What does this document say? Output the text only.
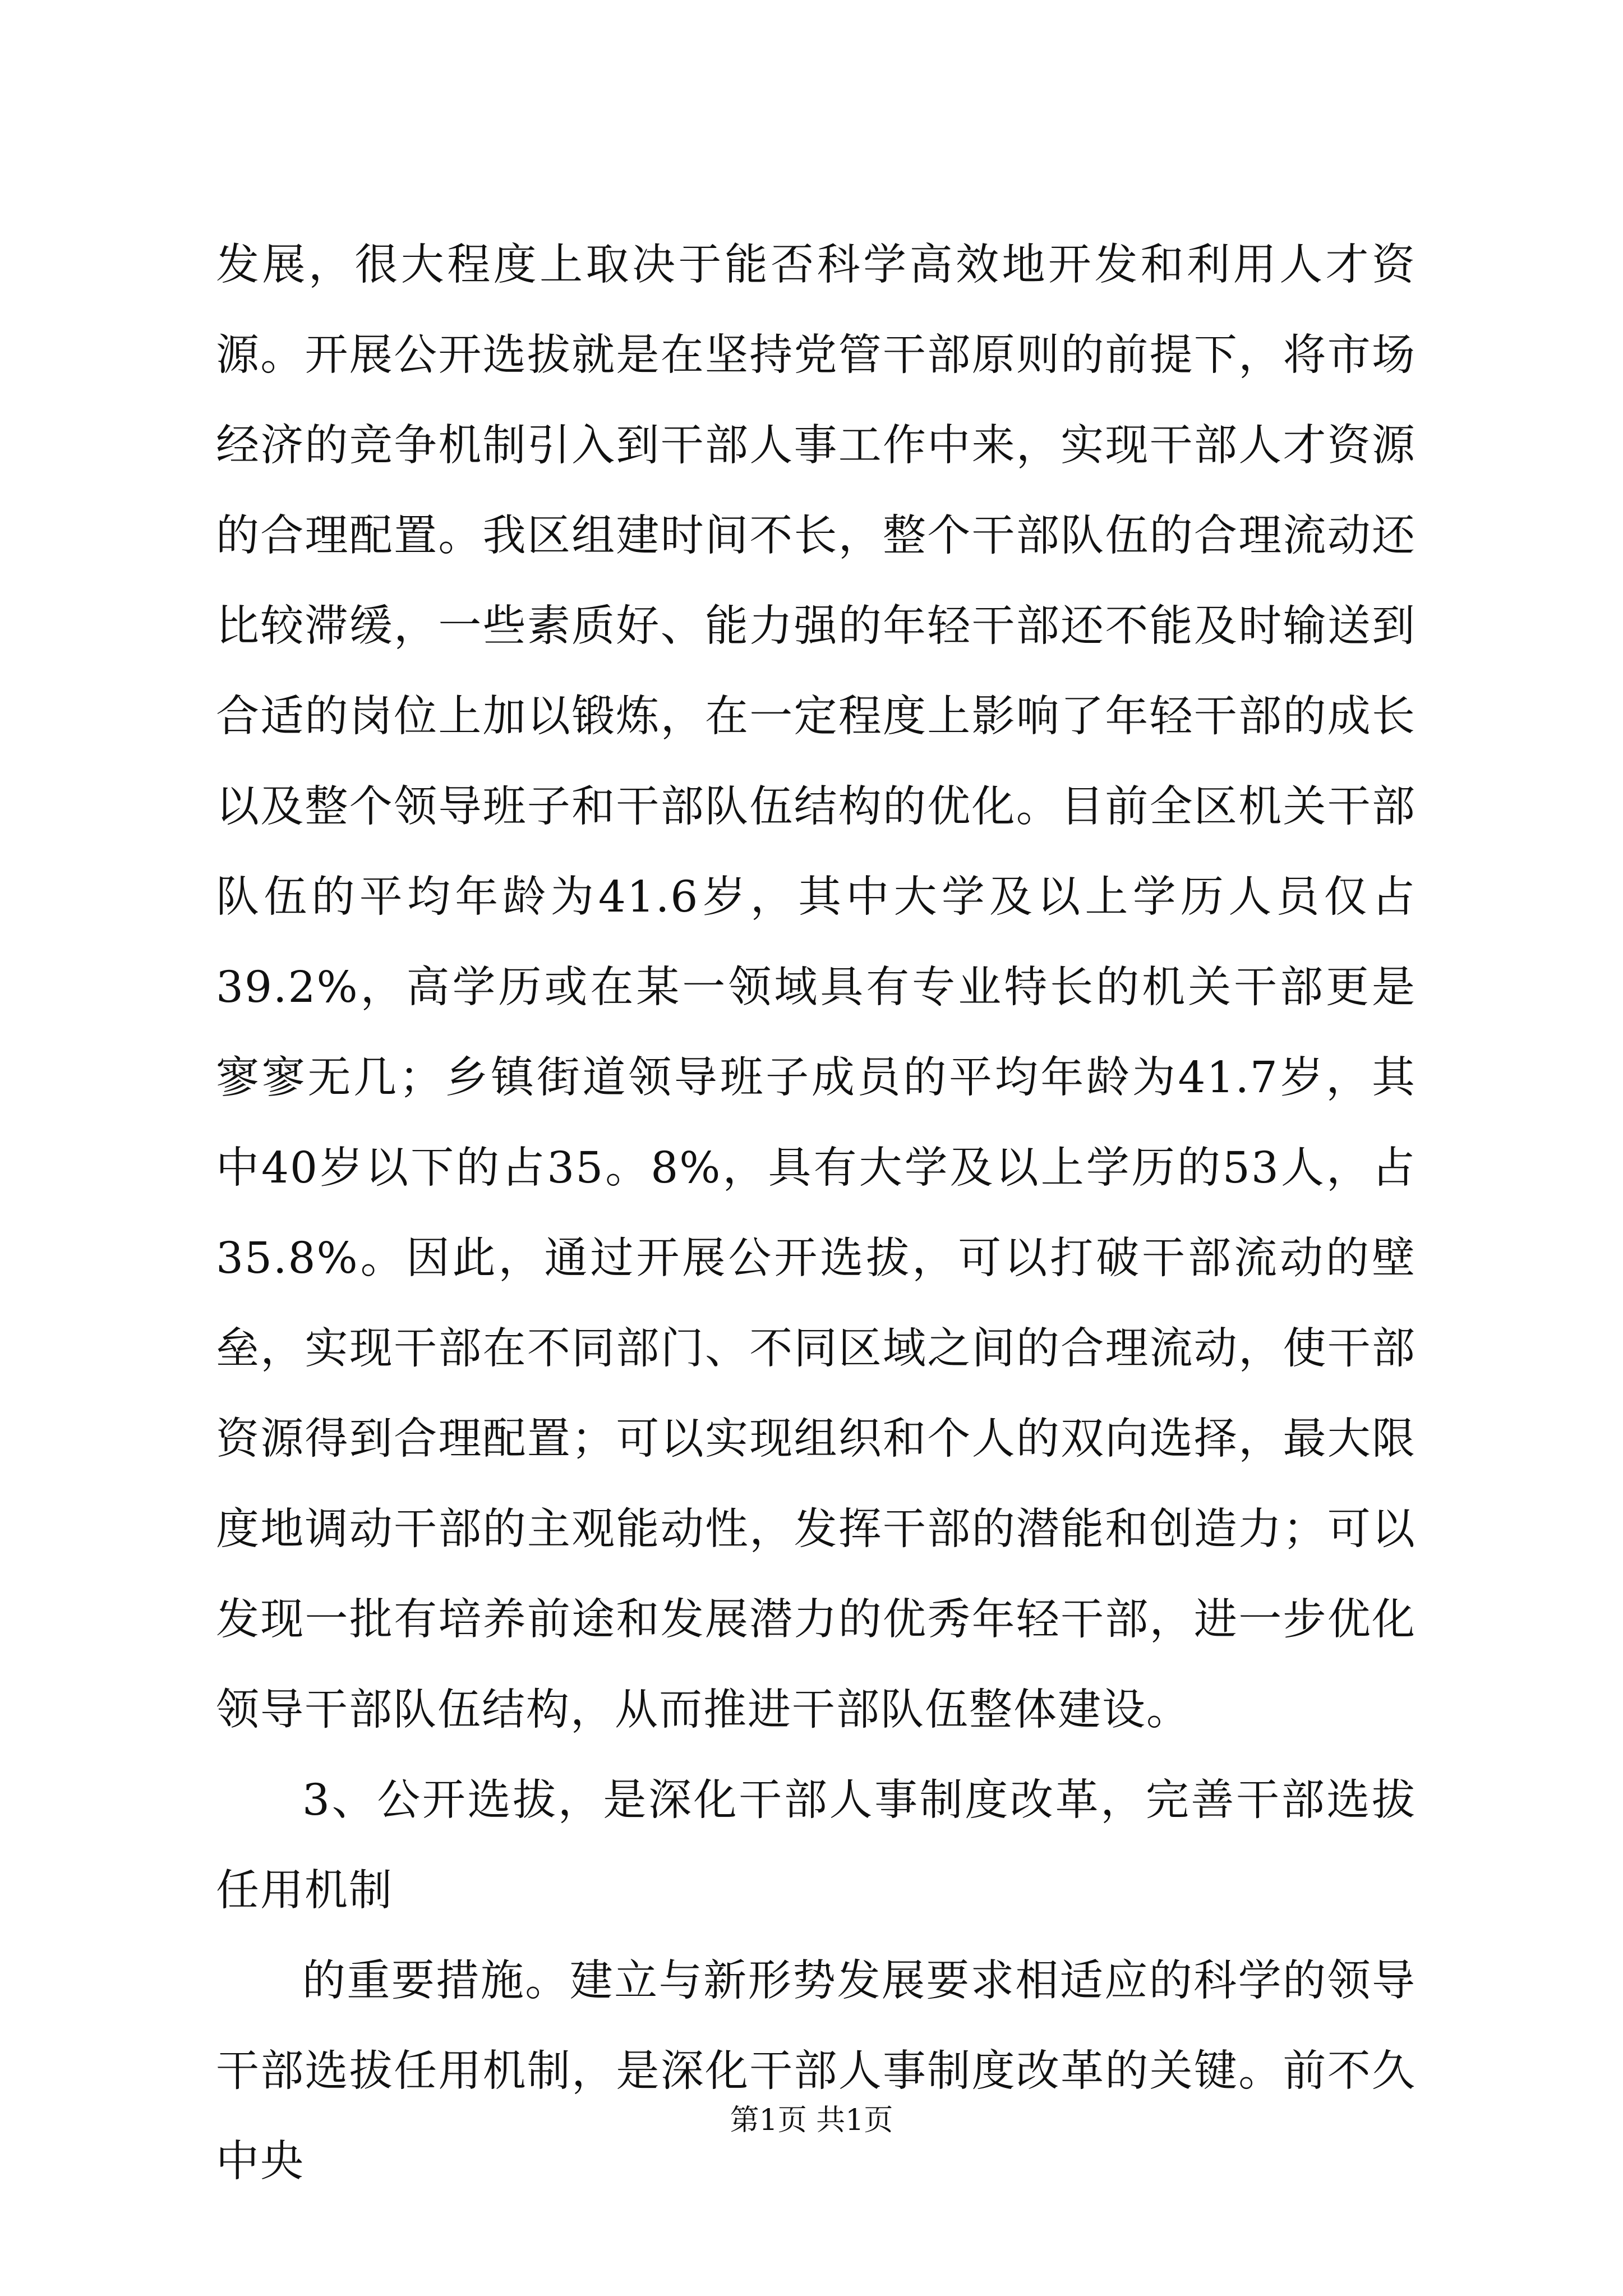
发展，很大程度上取决于能否科学高效地开发和利用人才资源。开展公开选拔就是在坚持党管干部原则的前提下，将市场经济的竞争机制引入到干部人事工作中来，实现干部人才资源的合理配置。我区组建时间不长，整个干部队伍的合理流动还比较滞缓，一些素质好、能力强的年轻干部还不能及时输送到合适的岗位上加以锻炼，在一定程度上影响了年轻干部的成长以及整个领导班子和干部队伍结构的优化。目前全区机关干部队伍的平均年龄为41.6岁，其中大学及以上学历人员仅占39.2%，高学历或在某一领域具有专业特长的机关干部更是寥寥无几；乡镇街道领导班子成员的平均年龄为41.7岁，其中40岁以下的占35。8%，具有大学及以上学历的53人，占35.8%。因此，通过开展公开选拔，可以打破干部流动的壁垒，实现干部在不同部门、不同区域之间的合理流动，使干部资源得到合理配置；可以实现组织和个人的双向选择，最大限度地调动干部的主观能动性，发挥干部的潜能和创造力；可以发现一批有培养前途和发展潜力的优秀年轻干部，进一步优化领导干部队伍结构，从而推进干部队伍整体建设。

3、公开选拔，是深化干部人事制度改革，完善干部选拔任用机制

的重要措施。建立与新形势发展要求相适应的科学的领导干部选拔任用机制，是深化干部人事制度改革的关键。前不久中央

第1页 共1页
